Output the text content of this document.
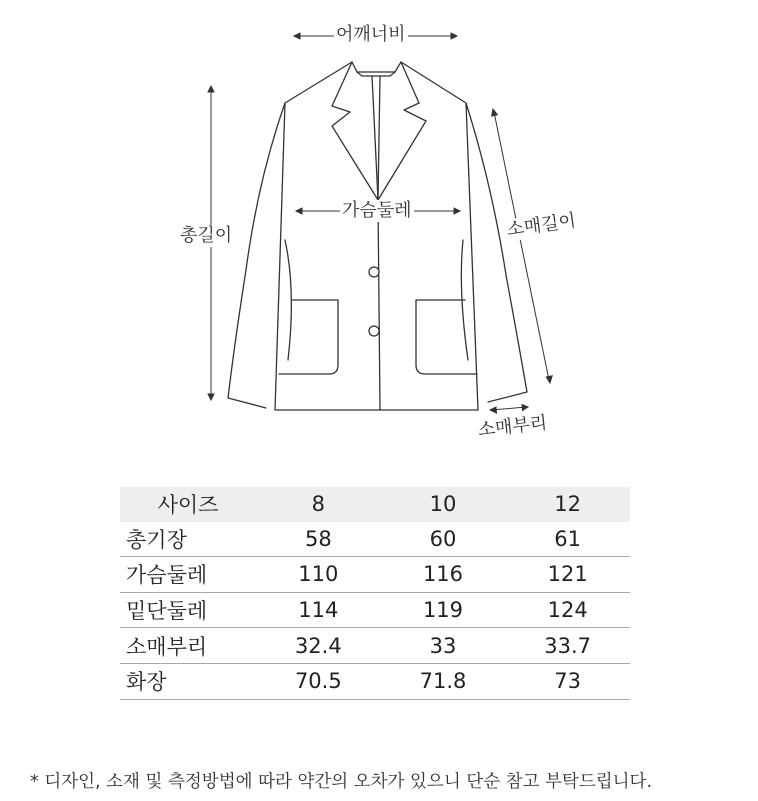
어깨너비
가슴둘레
총길이	소매길이
소매부리
사이즈	8	10	12
총기장	58	60	61
가슴둘레	110	116	121
밑단둘레	114	119	124
소매부리	32.4	33	33.7
화장	70.5	71.8	73
* 디자인, 소재 및 측정방법에 따라 약간의 오차가 있으니 단순 참고 부탁드립니다.
